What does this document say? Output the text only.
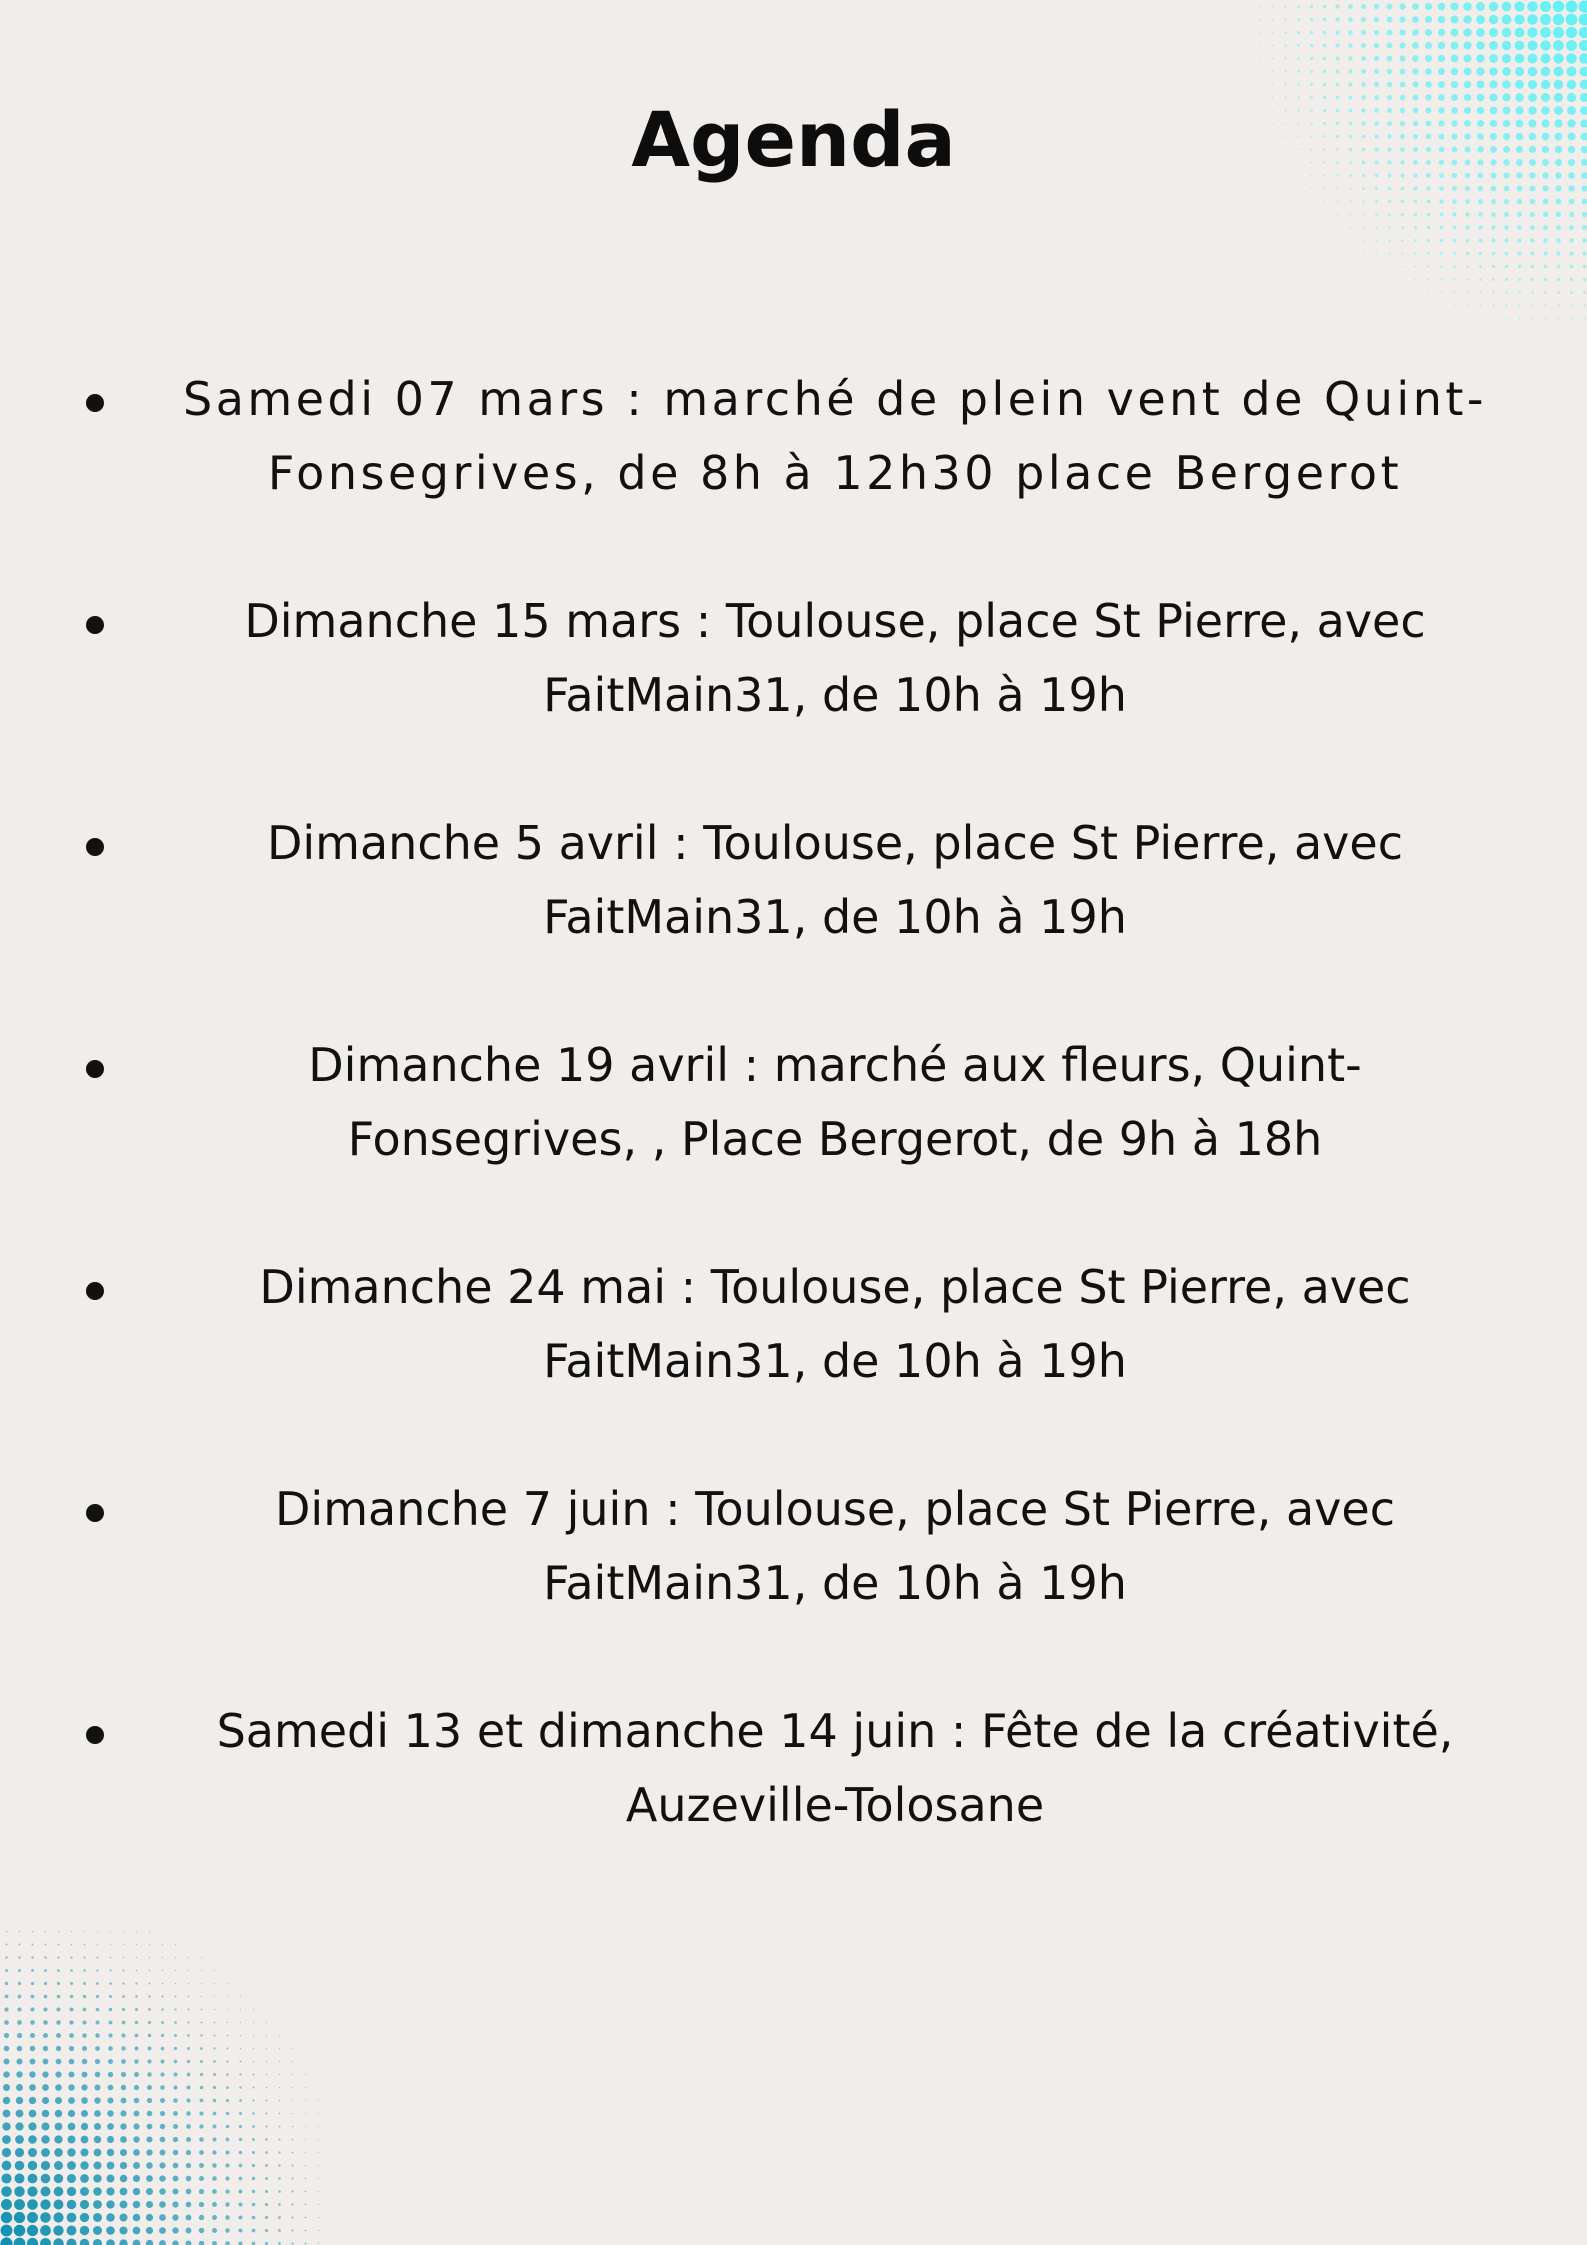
Agenda

Samedi 07 mars : marché de plein vent de Quint-
Fonsegrives, de 8h à 12h30 place Bergerot

Dimanche 15 mars : Toulouse, place St Pierre, avec
FaitMain31, de 10h à 19h

Dimanche 5 avril : Toulouse, place St Pierre, avec
FaitMain31, de 10h à 19h

Dimanche 19 avril : marché aux fleurs, Quint-
Fonsegrives, , Place Bergerot, de 9h à 18h

Dimanche 24 mai : Toulouse, place St Pierre, avec
FaitMain31, de 10h à 19h

Dimanche 7 juin : Toulouse, place St Pierre, avec
FaitMain31, de 10h à 19h

Samedi 13 et dimanche 14 juin : Fête de la créativité,
Auzeville-Tolosane
